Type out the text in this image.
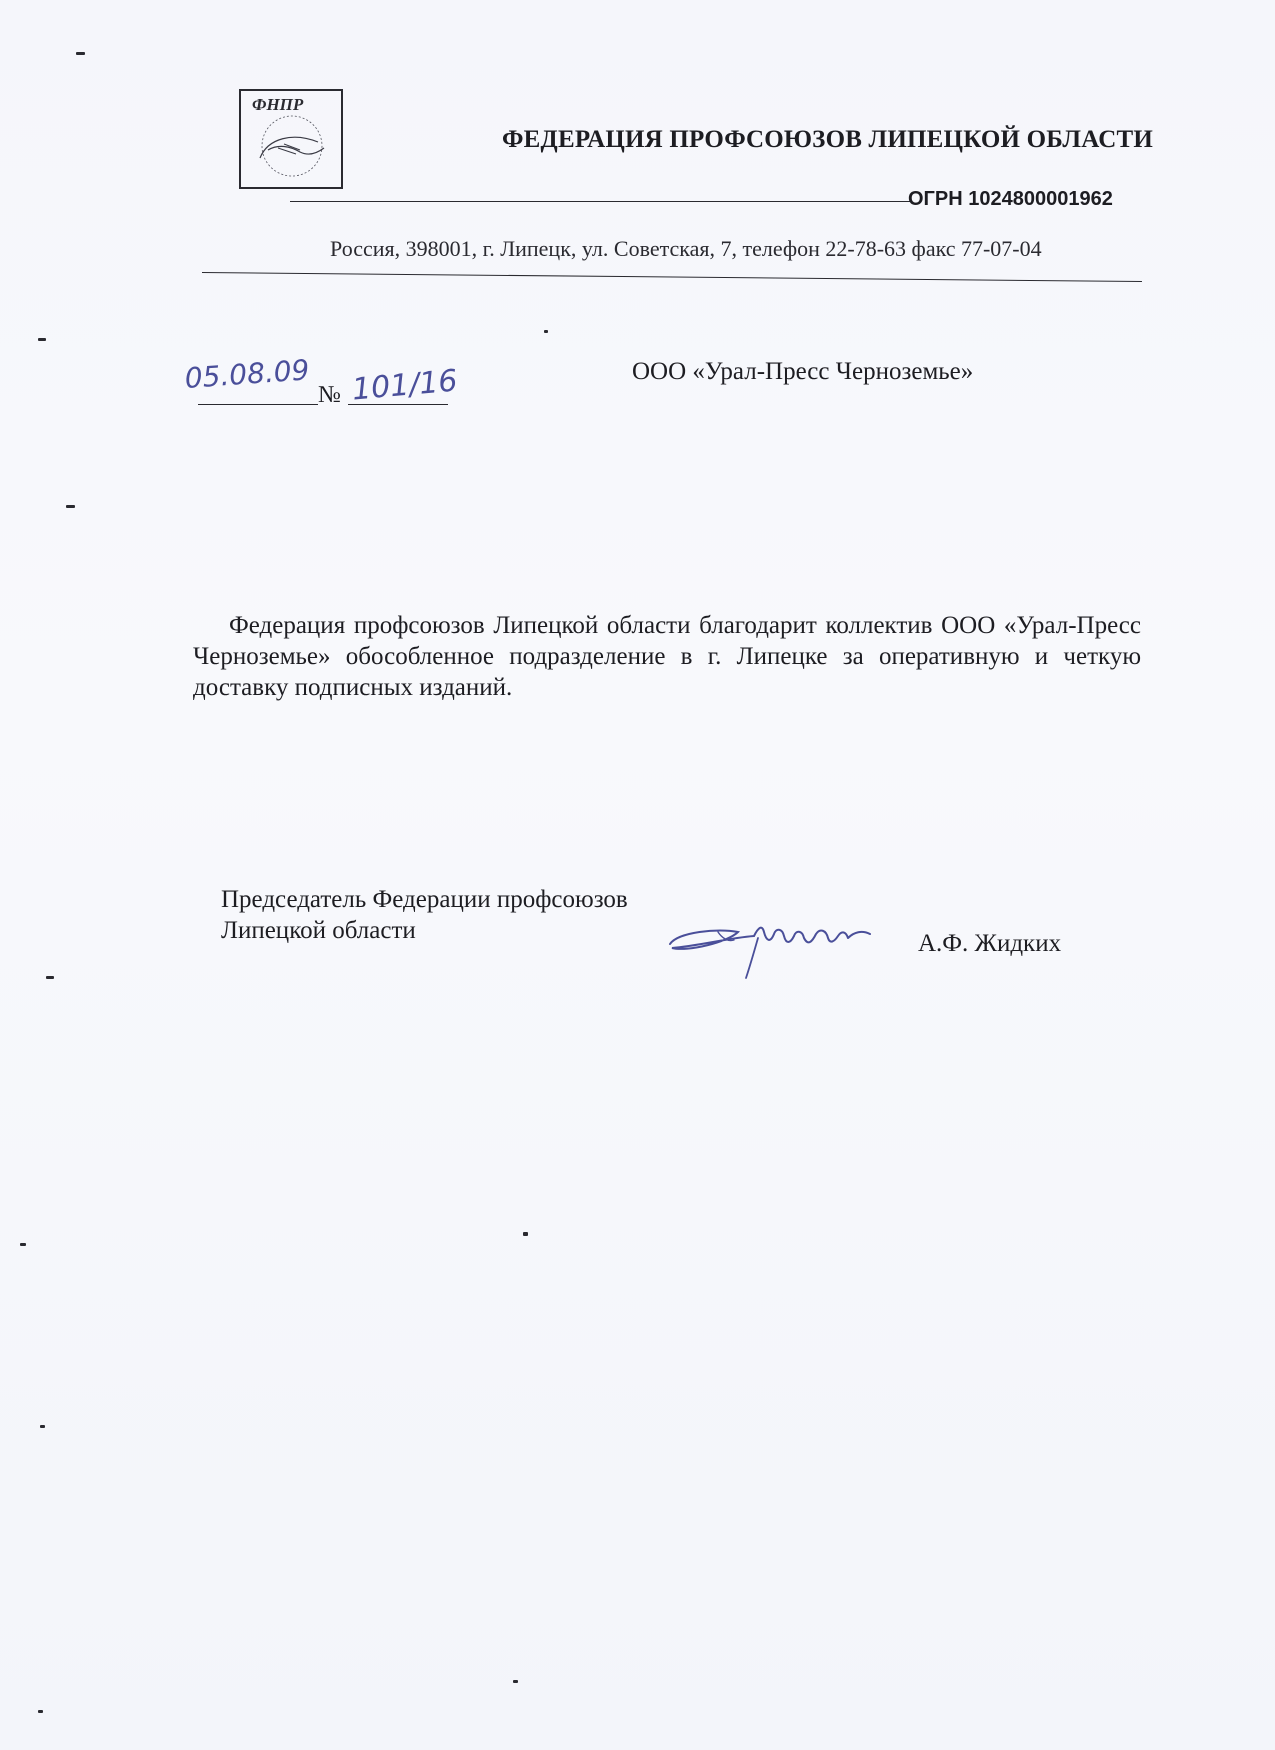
ФНПР
ФЕДЕРАЦИЯ ПРОФСОЮЗОВ ЛИПЕЦКОЙ ОБЛАСТИ
ОГРН 1024800001962
Россия, 398001, г. Липецк, ул. Советская, 7, телефон 22-78-63 факс 77-07-04
05.08.09 № 101/16	ООО «Урал-Пресс Черноземье»
Федерация профсоюзов Липецкой области благодарит коллектив ООО «Урал-Пресс Черноземье» обособленное подразделение в г. Липецке за оперативную и четкую доставку подписных изданий.
Председатель Федерации профсоюзов
Липецкой области	А.Ф. Жидких
